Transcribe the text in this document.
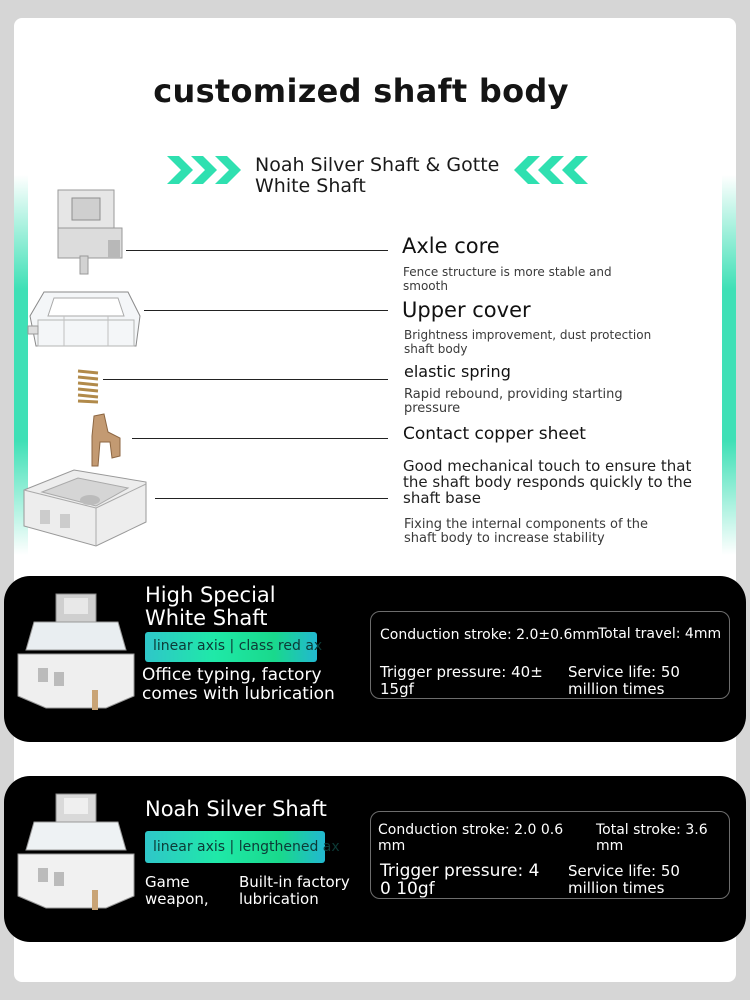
customized shaft body
Noah Silver Shaft & Gotte White Shaft
Axle core
Fence structure is more stable and smooth
Upper cover
Brightness improvement, dust protection shaft body
elastic spring
Rapid rebound, providing starting pressure
Contact copper sheet
Good mechanical touch to ensure that the shaft body responds quickly to the shaft base
Fixing the internal components of the shaft body to increase stability
High Special White Shaft
linear axis | class red ax
Office typing, factory comes with lubrication
Conduction stroke: 2.0±0.6mm
Total travel: 4mm
Trigger pressure: 40± 15gf
Service life: 50 million times
Noah Silver Shaft
linear axis | lengthened ax
Game weapon,
Built-in factory lubrication
Conduction stroke: 2.0 0.6 mm
Total stroke: 3.6 mm
Trigger pressure: 4 0 10gf
Service life: 50 million times
